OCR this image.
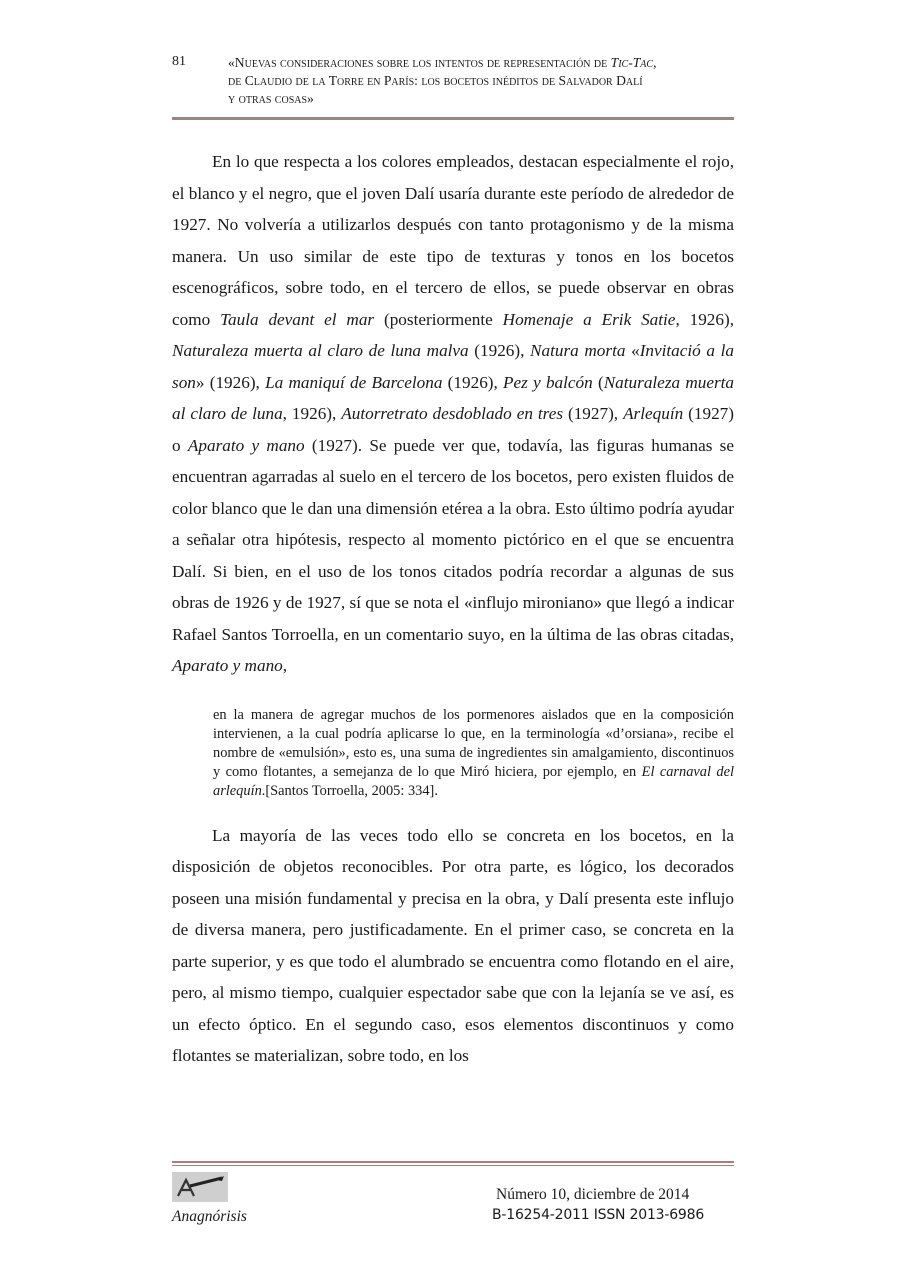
81	«Nuevas consideraciones sobre los intentos de representación de Tic-Tac,
de Claudio de la Torre en París: los bocetos inéditos de Salvador Dalí
y otras cosas»

En lo que respecta a los colores empleados, destacan especialmente el rojo, el blanco y el negro, que el joven Dalí usaría durante este período de alrededor de 1927. No volvería a utilizarlos después con tanto protagonismo y de la misma manera. Un uso similar de este tipo de texturas y tonos en los bocetos escenográficos, sobre todo, en el tercero de ellos, se puede observar en obras como Taula devant el mar (posteriormente Homenaje a Erik Satie, 1926), Naturaleza muerta al claro de luna malva (1926), Natura morta «Invitació a la son» (1926), La maniquí de Barcelona (1926), Pez y balcón (Naturaleza muerta al claro de luna, 1926), Autorretrato desdoblado en tres (1927), Arlequín (1927) o Aparato y mano (1927). Se puede ver que, todavía, las figuras humanas se encuentran agarradas al suelo en el tercero de los bocetos, pero existen fluidos de color blanco que le dan una dimensión etérea a la obra. Esto último podría ayudar a señalar otra hipótesis, respecto al momento pictórico en el que se encuentra Dalí. Si bien, en el uso de los tonos citados podría recordar a algunas de sus obras de 1926 y de 1927, sí que se nota el «influjo mironiano» que llegó a indicar Rafael Santos Torroella, en un comentario suyo, en la última de las obras citadas, Aparato y mano,

en la manera de agregar muchos de los pormenores aislados que en la composición intervienen, a la cual podría aplicarse lo que, en la terminología «d’orsiana», recibe el nombre de «emulsión», esto es, una suma de ingredientes sin amalgamiento, discontinuos y como flotantes, a semejanza de lo que Miró hiciera, por ejemplo, en El carnaval del arlequín.[Santos Torroella, 2005: 334].

La mayoría de las veces todo ello se concreta en los bocetos, en la disposición de objetos reconocibles. Por otra parte, es lógico, los decorados poseen una misión fundamental y precisa en la obra, y Dalí presenta este influjo de diversa manera, pero justificadamente. En el primer caso, se concreta en la parte superior, y es que todo el alumbrado se encuentra como flotando en el aire, pero, al mismo tiempo, cualquier espectador sabe que con la lejanía se ve así, es un efecto óptico. En el segundo caso, esos elementos discontinuos y como flotantes se materializan, sobre todo, en los

Anagnórisis
Número 10, diciembre de 2014
B-16254-2011 ISSN 2013-6986
